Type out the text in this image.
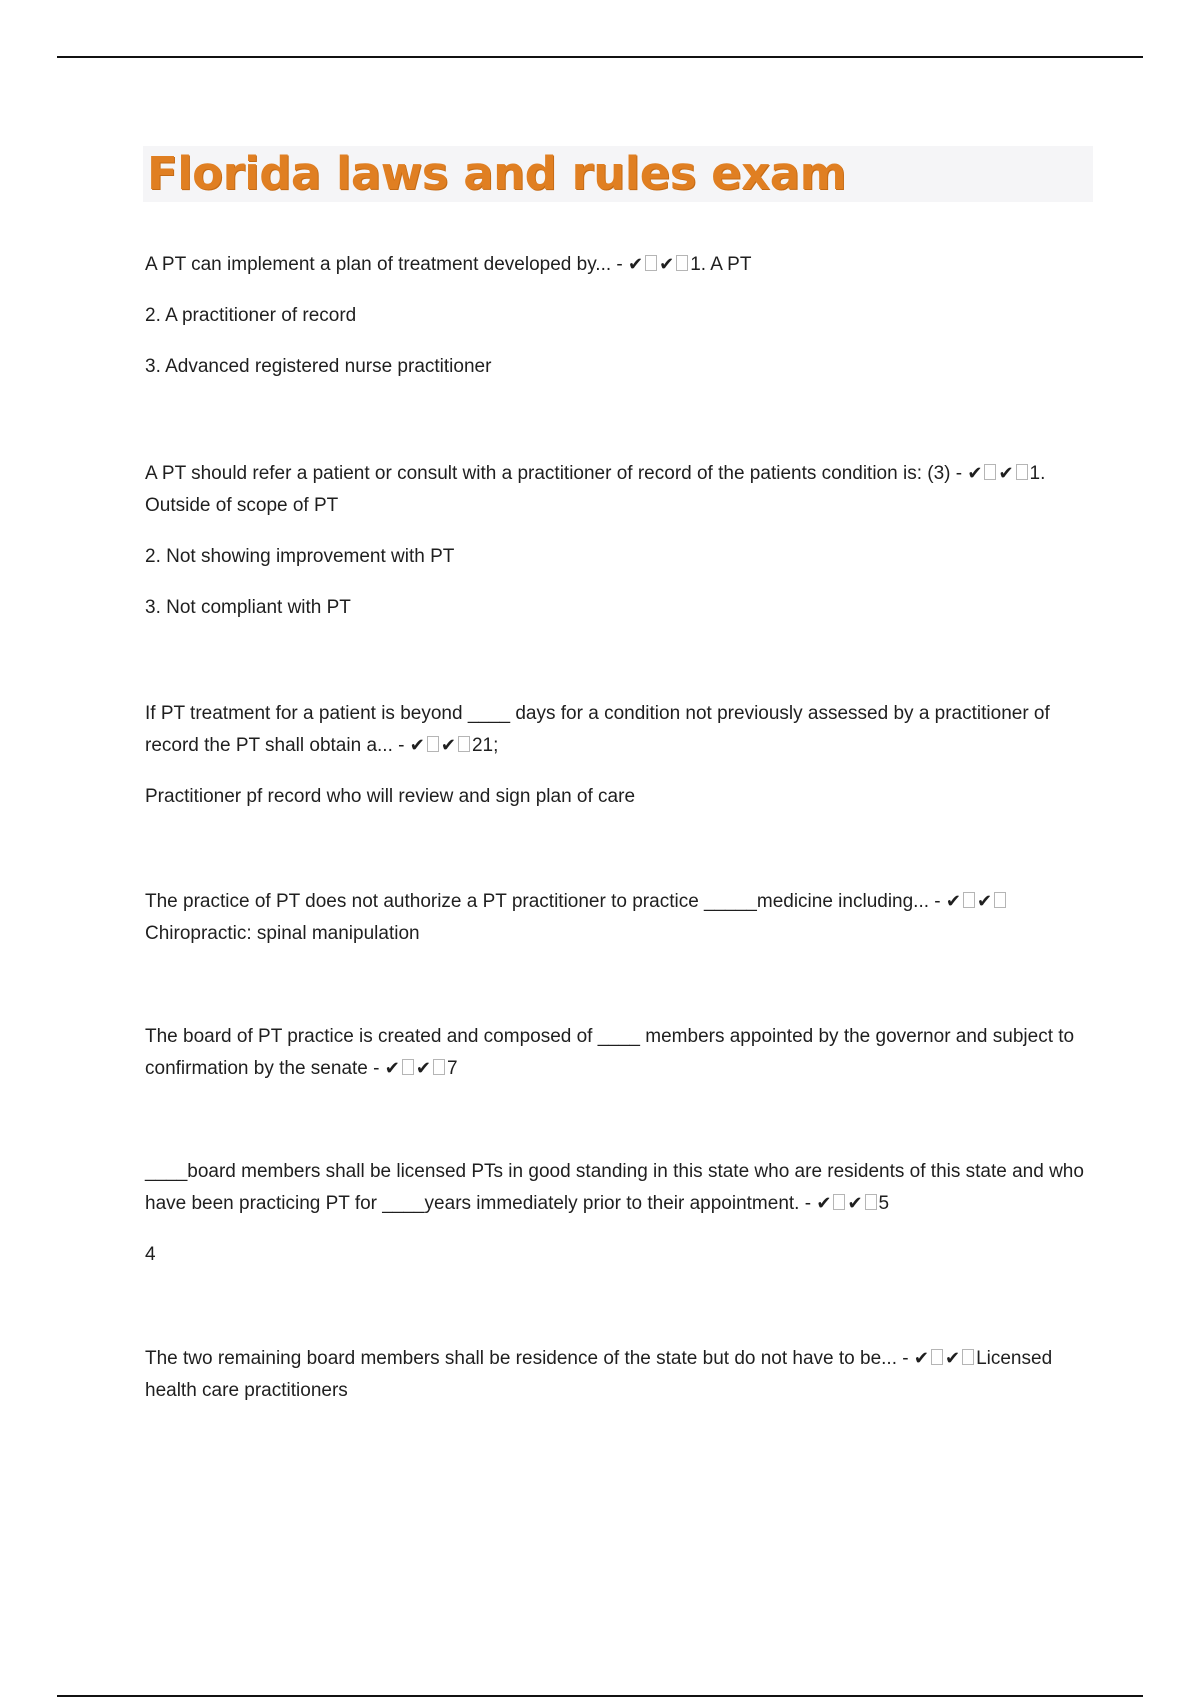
Florida laws and rules exam

A PT can implement a plan of treatment developed by... - ✔ ✔ 1. A PT

2. A practitioner of record

3. Advanced registered nurse practitioner

A PT should refer a patient or consult with a practitioner of record of the patients condition is: (3) - ✔ ✔ 1. Outside of scope of PT

2. Not showing improvement with PT

3. Not compliant with PT

If PT treatment for a patient is beyond ____ days for a condition not previously assessed by a practitioner of record the PT shall obtain a... - ✔ ✔ 21;

Practitioner pf record who will review and sign plan of care

The practice of PT does not authorize a PT practitioner to practice _____medicine including... - ✔ ✔Chiropractic: spinal manipulation

The board of PT practice is created and composed of ____ members appointed by the governor and subject to confirmation by the senate - ✔ ✔ 7

____board members shall be licensed PTs in good standing in this state who are residents of this state and who have been practicing PT for ____years immediately prior to their appointment. - ✔ ✔ 5

4

The two remaining board members shall be residence of the state but do not have to be... - ✔ ✔ Licensed health care practitioners
